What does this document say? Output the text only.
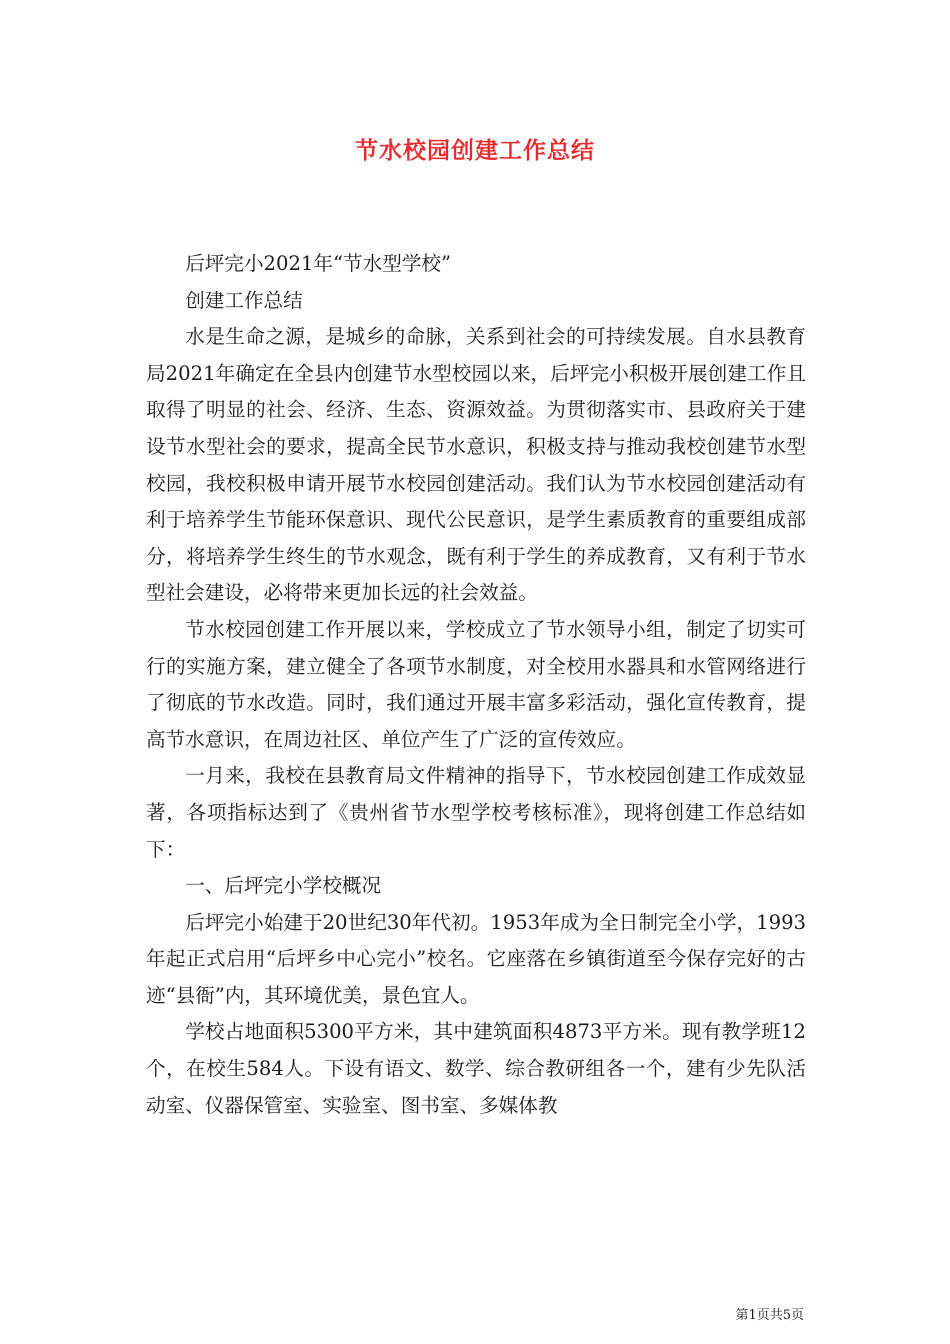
节水校园创建工作总结

后坪完小2021年“节水型学校”

创建工作总结

水是生命之源，是城乡的命脉，关系到社会的可持续发展。自水县教育局2021年确定在全县内创建节水型校园以来，后坪完小积极开展创建工作且取得了明显的社会、经济、生态、资源效益。为贯彻落实市、县政府关于建设节水型社会的要求，提高全民节水意识，积极支持与推动我校创建节水型校园，我校积极申请开展节水校园创建活动。我们认为节水校园创建活动有利于培养学生节能环保意识、现代公民意识，是学生素质教育的重要组成部分，将培养学生终生的节水观念，既有利于学生的养成教育，又有利于节水型社会建设，必将带来更加长远的社会效益。

节水校园创建工作开展以来，学校成立了节水领导小组，制定了切实可行的实施方案，建立健全了各项节水制度，对全校用水器具和水管网络进行了彻底的节水改造。同时，我们通过开展丰富多彩活动，强化宣传教育，提高节水意识，在周边社区、单位产生了广泛的宣传效应。

一月来，我校在县教育局文件精神的指导下，节水校园创建工作成效显著，各项指标达到了《贵州省节水型学校考核标准》，现将创建工作总结如下：

一、后坪完小学校概况

后坪完小始建于20世纪30年代初。1953年成为全日制完全小学，1993年起正式启用“后坪乡中心完小”校名。它座落在乡镇街道至今保存完好的古迹“县衙”内，其环境优美，景色宜人。

学校占地面积5300平方米，其中建筑面积4873平方米。现有教学班12个，在校生584人。下设有语文、数学、综合教研组各一个，建有少先队活动室、仪器保管室、实验室、图书室、多媒体教

第1页共5页
